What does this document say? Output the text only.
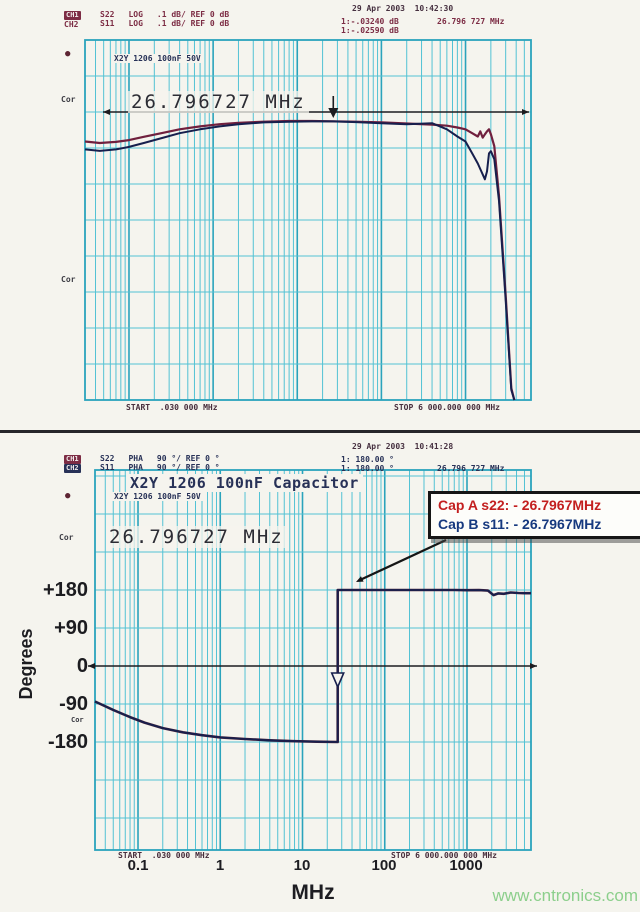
CH1	S22 LOG .1 dB/ REF 0 dB
CH2	S11 LOG .1 dB/ REF 0 dB
29 Apr 2003  10:42:30
1:-.03240 dB	26.796 727 MHz
1:-.02590 dB
●	X2Y 1206 100nF 50V
Cor	26.796727 MHz
Cor
START  .030 000 MHz	STOP 6 000.000 000 MHz
CH1
CH2
S22 PHA 90 °/ REF 0 °
S11 PHA 90 °/ REF 0 °
29 Apr 2003  10:41:28
1: 180.00 °
1: 180.00 °	26.796 727 MHz
X2Y 1206 100nF Capacitor
●	X2Y 1206 100nF 50V
Cor 26.796727 MHz
Cor
+180
+90
0
-90
-180
Degrees
START  .030 000 MHz	STOP 6 000.000 000 MHz
0.1	1	10	100	1000
MHz	www.cntronics.com
Cap A s22: - 26.7967MHz
Cap B s11: - 26.7967MHz
